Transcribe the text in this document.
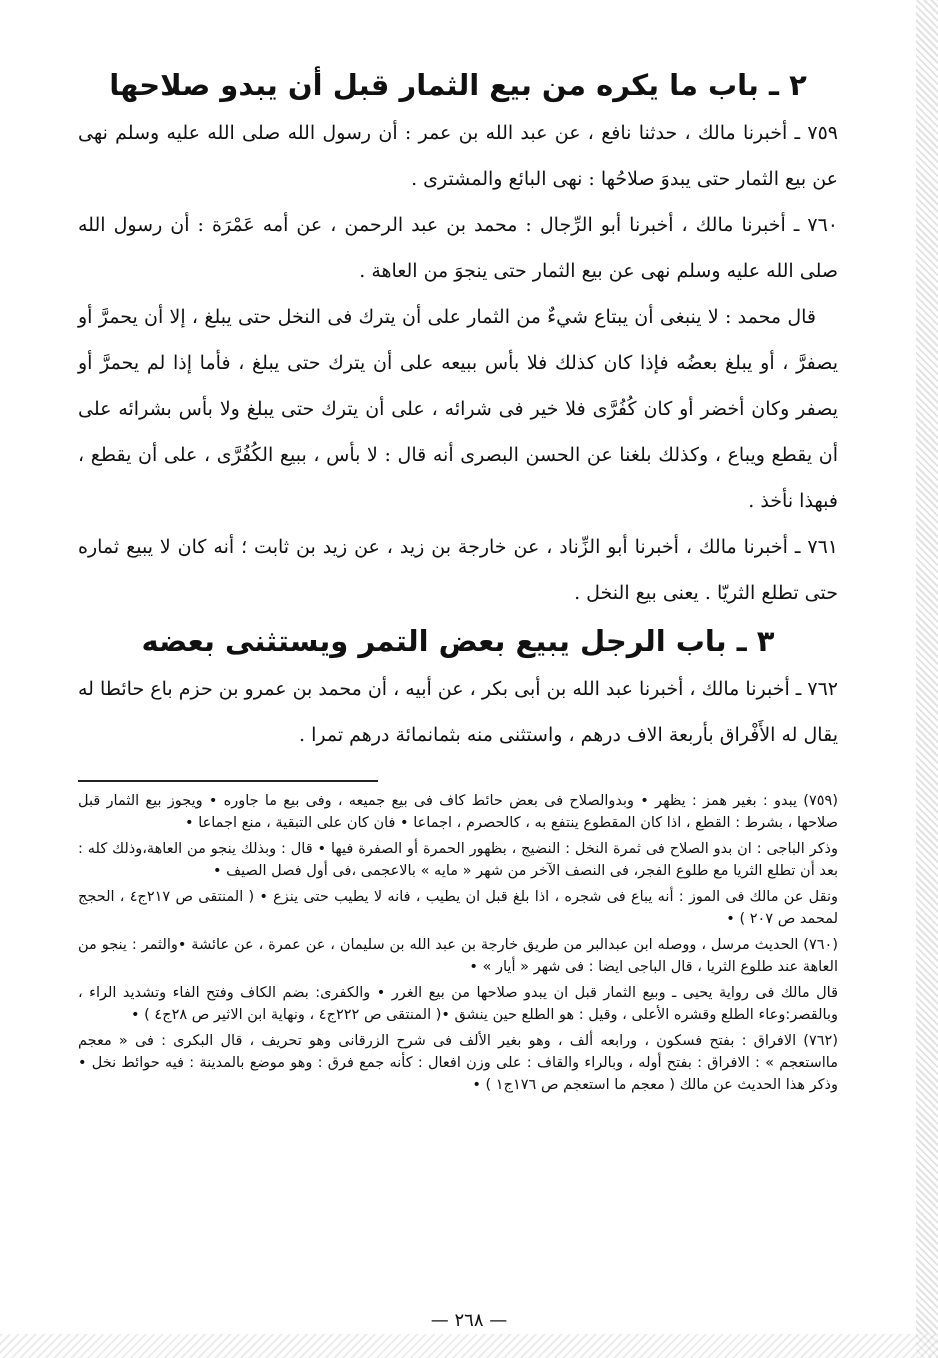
٢ ـ باب ما يكره من بيع الثمار قبل أن يبدو صلاحها

٧٥٩ ـ أخبرنا مالك ، حدثنا نافع ، عن عبد الله بن عمر : أن رسول الله صلى الله عليه وسلم نهى عن بيع الثمار حتى يبدوَ صلاحُها : نهى البائع والمشترى .

٧٦٠ ـ أخبرنا مالك ، أخبرنا أبو الرِّجال : محمد بن عبد الرحمن ، عن أمه عَمْرَة : أن رسول الله صلى الله عليه وسلم نهى عن بيع الثمار حتى ينجوَ من العاهة .

قال محمد : لا ينبغى أن يبتاع شيءٌ من الثمار على أن يترك فى النخل حتى يبلغ ، إلا أن يحمرَّ أو يصفرَّ ، أو يبلغ بعضُه فإذا كان كذلك فلا بأس ببيعه على أن يترك حتى يبلغ ، فأما إذا لم يحمرَّ أو يصفر وكان أخضر أو كان كُفُرَّى فلا خير فى شرائه ، على أن يترك حتى يبلغ ولا بأس بشرائه على أن يقطع ويباع ، وكذلك بلغنا عن الحسن البصرى أنه قال : لا بأس ، ببيع الكُفُرَّى ، على أن يقطع ، فبهذا نأخذ .

٧٦١ ـ أخبرنا مالك ، أخبرنا أبو الزِّناد ، عن خارجة بن زيد ، عن زيد بن ثابت ؛ أنه كان لا يبيع ثماره حتى تطلع الثريّا . يعنى بيع النخل .

٣ ـ باب الرجل يبيع بعض التمر ويستثنى بعضه

٧٦٢ ـ أخبرنا مالك ، أخبرنا عبد الله بن أبى بكر ، عن أبيه ، أن محمد بن عمرو بن حزم باع حائطا له يقال له الأَفْراق بأربعة الاف درهم ، واستثنى منه بثمانمائة درهم تمرا .

(٧٥٩) يبدو : بغير همز : يظهر • وبدوالصلاح فى بعض حائط كاف فى بيع جميعه ، وفى بيع ما جاوره • ويجوز بيع الثمار قبل صلاحها ، بشرط : القطع ، اذا كان المقطوع ينتفع به ، كالحصرم ، اجماعا • فان كان على التبقية ، منع اجماعا •

وذكر الباجى : ان بدو الصلاح فى ثمرة النخل : النضيج ، بظهور الحمرة أو الصفرة فيها • قال : وبذلك ينجو من العاهة،وذلك كله : بعد أن تطلع الثريا مع طلوع الفجر، فى النصف الآخر من شهر « مايه » بالاعجمى ،فى أول فصل الصيف •

ونقل عن مالك فى الموز : أنه يباع فى شجره ، اذا بلغ قبل ان يطيب ، فانه لا يطيب حتى ينزع • ( المنتقى ص ٢١٧ج٤ ، الحجج لمحمد ص ٢٠٧ ) •

(٧٦٠) الحديث مرسل ، ووصله ابن عبدالبر من طريق خارجة بن عبد الله بن سليمان ، عن عمرة ، عن عائشة •والثمر : ينجو من العاهة عند طلوع الثريا ، قال الباجى ايضا : فى شهر « أيار » •

قال مالك فى رواية يحيى ـ وبيع الثمار قبل ان يبدو صلاحها من بيع الغرر • والكفرى: بضم الكاف وفتح الفاء وتشديد الراء ، وبالقصر:وعاء الطلع وقشره الأعلى ، وقيل : هو الطلع حين ينشق •( المنتقى ص ٢٢٢ج٤ ، ونهاية ابن الاثير ص ٢٨ج٤ ) •

(٧٦٢) الافراق : بفتح فسكون ، ورابعه ألف ، وهو بغير الألف فى شرح الزرقانى وهو تحريف ، قال البكرى : فى « معجم مااستعجم » : الافراق : بفتح أوله ، وبالراء والقاف : على وزن افعال : كأنه جمع فرق : وهو موضع بالمدينة : فيه حوائط نخل • وذكر هذا الحديث عن مالك ( معجم ما استعجم ص ١٧٦ج١ ) •

— ٢٦٨ —
